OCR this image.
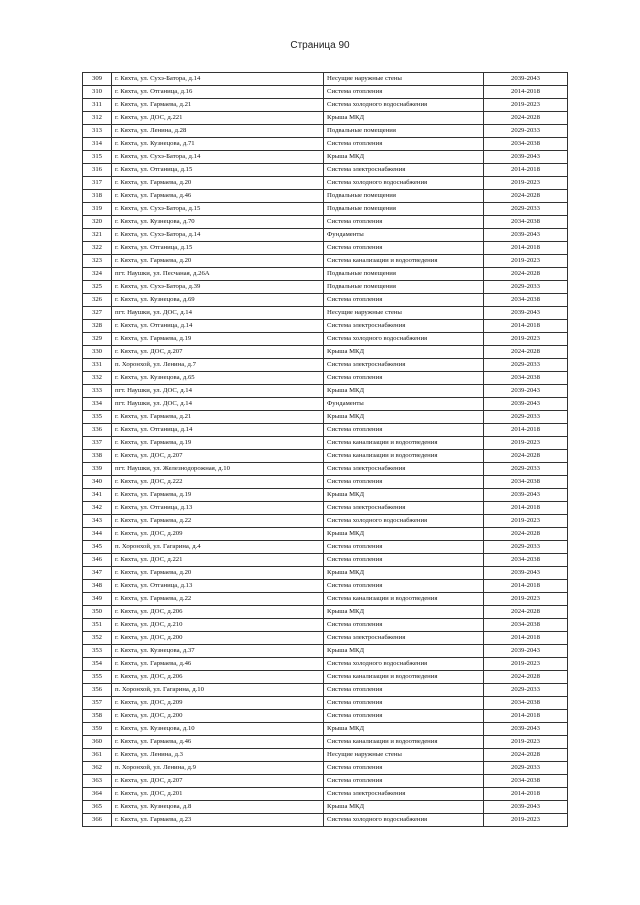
Страница 90
309	г. Кяхта, ул. Сухэ-Батора, д.14	Несущие наружные стены	2039-2043
310	г. Кяхта, ул. Отганица, д.16	Система отопления	2014-2018
311	г. Кяхта, ул. Гармаева, д.21	Система холодного водоснабжения	2019-2023
312	г. Кяхта, ул. ДОС, д.221	Крыша МКД	2024-2028
313	г. Кяхта, ул. Ленина, д.28	Подвальные помещения	2029-2033
314	г. Кяхта, ул. Кузнецова, д.71	Система отопления	2034-2038
315	г. Кяхта, ул. Сухэ-Батора, д.14	Крыша МКД	2039-2043
316	г. Кяхта, ул. Отганица, д.15	Система электроснабжения	2014-2018
317	г. Кяхта, ул. Гармаева, д.20	Система холодного водоснабжения	2019-2023
318	г. Кяхта, ул. Гармаева, д.46	Подвальные помещения	2024-2028
319	г. Кяхта, ул. Сухэ-Батора, д.15	Подвальные помещения	2029-2033
320	г. Кяхта, ул. Кузнецова, д.70	Система отопления	2034-2038
321	г. Кяхта, ул. Сухэ-Батора, д.14	Фундаменты	2039-2043
322	г. Кяхта, ул. Отганица, д.15	Система отопления	2014-2018
323	г. Кяхта, ул. Гармаева, д.20	Система канализации и водоотведения	2019-2023
324	пгт. Наушки, ул. Песчаная, д.26А	Подвальные помещения	2024-2028
325	г. Кяхта, ул. Сухэ-Батора, д.39	Подвальные помещения	2029-2033
326	г. Кяхта, ул. Кузнецова, д.69	Система отопления	2034-2038
327	пгт. Наушки, ул. ДОС, д.14	Несущие наружные стены	2039-2043
328	г. Кяхта, ул. Отганица, д.14	Система электроснабжения	2014-2018
329	г. Кяхта, ул. Гармаева, д.19	Система холодного водоснабжения	2019-2023
330	г. Кяхта, ул. ДОС, д.207	Крыша МКД	2024-2028
331	п. Хоронхой, ул. Ленина, д.7	Система электроснабжения	2029-2033
332	г. Кяхта, ул. Кузнецова, д.65	Система отопления	2034-2038
333	пгт. Наушки, ул. ДОС, д.14	Крыша МКД	2039-2043
334	пгт. Наушки, ул. ДОС, д.14	Фундаменты	2039-2043
335	г. Кяхта, ул. Гармаева, д.21	Крыша МКД	2029-2033
336	г. Кяхта, ул. Отганица, д.14	Система отопления	2014-2018
337	г. Кяхта, ул. Гармаева, д.19	Система канализации и водоотведения	2019-2023
338	г. Кяхта, ул. ДОС, д.207	Система канализации и водоотведения	2024-2028
339	пгт. Наушки, ул. Железнодорожная, д.10	Система электроснабжения	2029-2033
340	г. Кяхта, ул. ДОС, д.222	Система отопления	2034-2038
341	г. Кяхта, ул. Гармаева, д.19	Крыша МКД	2039-2043
342	г. Кяхта, ул. Отганица, д.13	Система электроснабжения	2014-2018
343	г. Кяхта, ул. Гармаева, д.22	Система холодного водоснабжения	2019-2023
344	г. Кяхта, ул. ДОС, д.209	Крыша МКД	2024-2028
345	п. Хоронхой, ул. Гагарина, д.4	Система отопления	2029-2033
346	г. Кяхта, ул. ДОС, д.221	Система отопления	2034-2038
347	г. Кяхта, ул. Гармаева, д.20	Крыша МКД	2039-2043
348	г. Кяхта, ул. Отганица, д.13	Система отопления	2014-2018
349	г. Кяхта, ул. Гармаева, д.22	Система канализации и водоотведения	2019-2023
350	г. Кяхта, ул. ДОС, д.206	Крыша МКД	2024-2028
351	г. Кяхта, ул. ДОС, д.210	Система отопления	2034-2038
352	г. Кяхта, ул. ДОС, д.200	Система электроснабжения	2014-2018
353	г. Кяхта, ул. Кузнецова, д.37	Крыша МКД	2039-2043
354	г. Кяхта, ул. Гармаева, д.46	Система холодного водоснабжения	2019-2023
355	г. Кяхта, ул. ДОС, д.206	Система канализации и водоотведения	2024-2028
356	п. Хоронхой, ул. Гагарина, д.10	Система отопления	2029-2033
357	г. Кяхта, ул. ДОС, д.209	Система отопления	2034-2038
358	г. Кяхта, ул. ДОС, д.200	Система отопления	2014-2018
359	г. Кяхта, ул. Кузнецова, д.10	Крыша МКД	2039-2043
360	г. Кяхта, ул. Гармаева, д.46	Система канализации и водоотведения	2019-2023
361	г. Кяхта, ул. Ленина, д.3	Несущие наружные стены	2024-2028
362	п. Хоронхой, ул. Ленина, д.9	Система отопления	2029-2033
363	г. Кяхта, ул. ДОС, д.207	Система отопления	2034-2038
364	г. Кяхта, ул. ДОС, д.201	Система электроснабжения	2014-2018
365	г. Кяхта, ул. Кузнецова, д.8	Крыша МКД	2039-2043
366	г. Кяхта, ул. Гармаева, д.23	Система холодного водоснабжения	2019-2023
